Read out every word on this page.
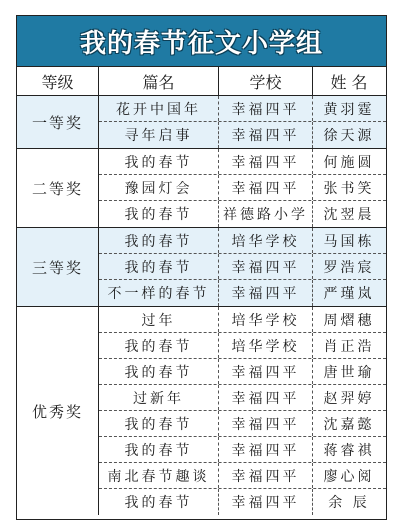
我的春节征文小学组
等级	篇名	学校	姓 名
一等奖
花开中国年	幸福四平	黄羽霆
寻年启事	幸福四平	徐天源
二等奖
我的春节	幸福四平	何施圆
豫园灯会	幸福四平	张书笑
我的春节	祥德路小学	沈翌晨
三等奖
我的春节	培华学校	马国栋
我的春节	幸福四平	罗浩宸
不一样的春节	幸福四平	严瑾岚
优秀奖
过年	培华学校	周熠穗
我的春节	培华学校	肖正浩
我的春节	幸福四平	唐世瑜
过新年	幸福四平	赵羿婷
我的春节	幸福四平	沈嘉懿
我的春节	幸福四平	蒋睿祺
南北春节趣谈	幸福四平	廖心阅
我的春节	幸福四平	余 辰
